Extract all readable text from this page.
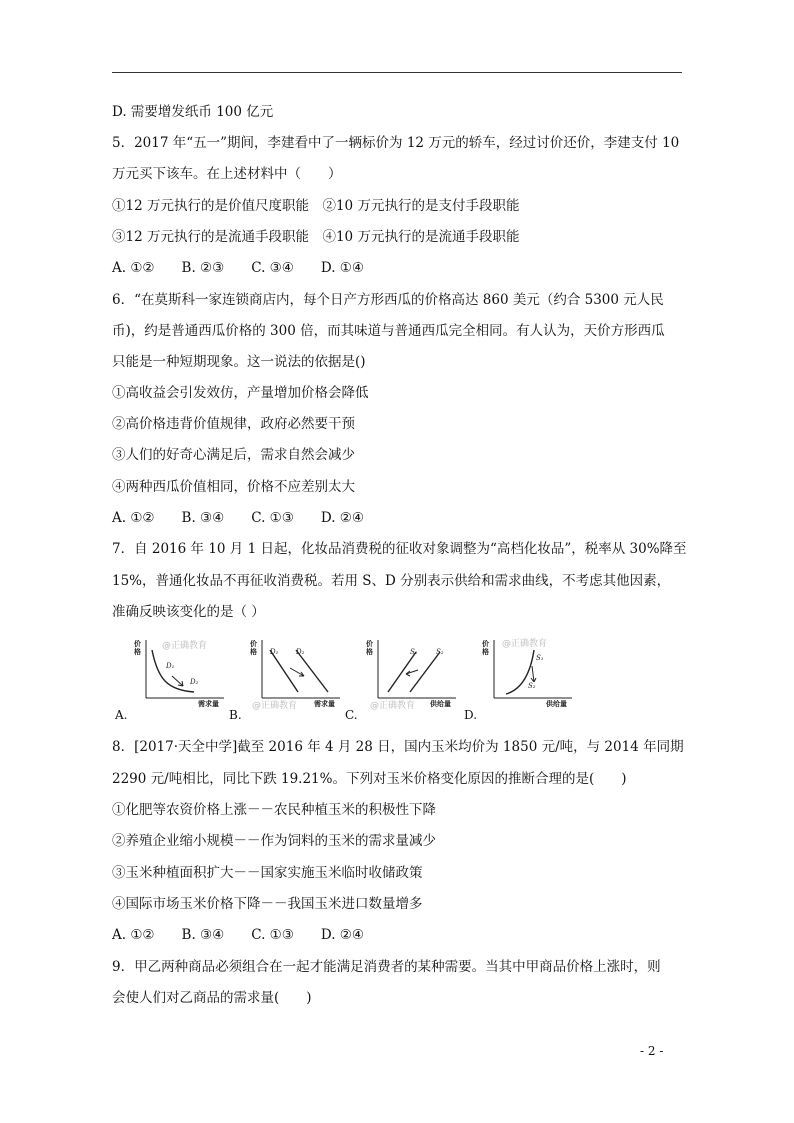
D. 需要增发纸币 100 亿元
5．2017 年“五一”期间，李建看中了一辆标价为 12 万元的轿车，经过讨价还价，李建支付 10
万元买下该车。在上述材料中（　　）
①12 万元执行的是价值尺度职能　②10 万元执行的是支付手段职能
③12 万元执行的是流通手段职能　④10 万元执行的是流通手段职能
A. ①②　　B. ②③　　C. ③④　　D. ①④
6．“在莫斯科一家连锁商店内，每个日产方形西瓜的价格高达 860 美元（约合 5300 元人民
币)，约是普通西瓜价格的 300 倍，而其味道与普通西瓜完全相同。有人认为，天价方形西瓜
只能是一种短期现象。这一说法的依据是()
①高收益会引发效仿，产量增加价格会降低
②高价格违背价值规律，政府必然要干预
③人们的好奇心满足后，需求自然会减少
④两种西瓜价值相同，价格不应差别太大
A. ①②　　B. ③④　　C. ①③　　D. ②④
7．自 2016 年 10 月 1 日起，化妆品消费税的征收对象调整为“高档化妆品”，税率从 30%降至
15%，普通化妆品不再征收消费税。若用 S、D 分别表示供给和需求曲线，不考虑其他因素，
准确反映该变化的是（ ）
价格
需求量
D₁
D₂
@正确教育	价格
需求量
D₁	D₂
@正确教育
价格
供给量
S₁	S₂
@正确教育
价格
供给量
S₁
S₂
@正确教育
A.	B.	C.	D.
8．[2017·天全中学]截至 2016 年 4 月 28 日，国内玉米均价为 1850 元/吨，与 2014 年同期
2290 元/吨相比，同比下跌 19.21%。下列对玉米价格变化原因的推断合理的是(　　)
①化肥等农资价格上涨－－农民种植玉米的积极性下降
②养殖企业缩小规模－－作为饲料的玉米的需求量减少
③玉米种植面积扩大－－国家实施玉米临时收储政策
④国际市场玉米价格下降－－我国玉米进口数量增多
A. ①②　　B. ③④　　C. ①③　　D. ②④
9．甲乙两种商品必须组合在一起才能满足消费者的某种需要。当其中甲商品价格上涨时，则
会使人们对乙商品的需求量(　　)
- 2 -
